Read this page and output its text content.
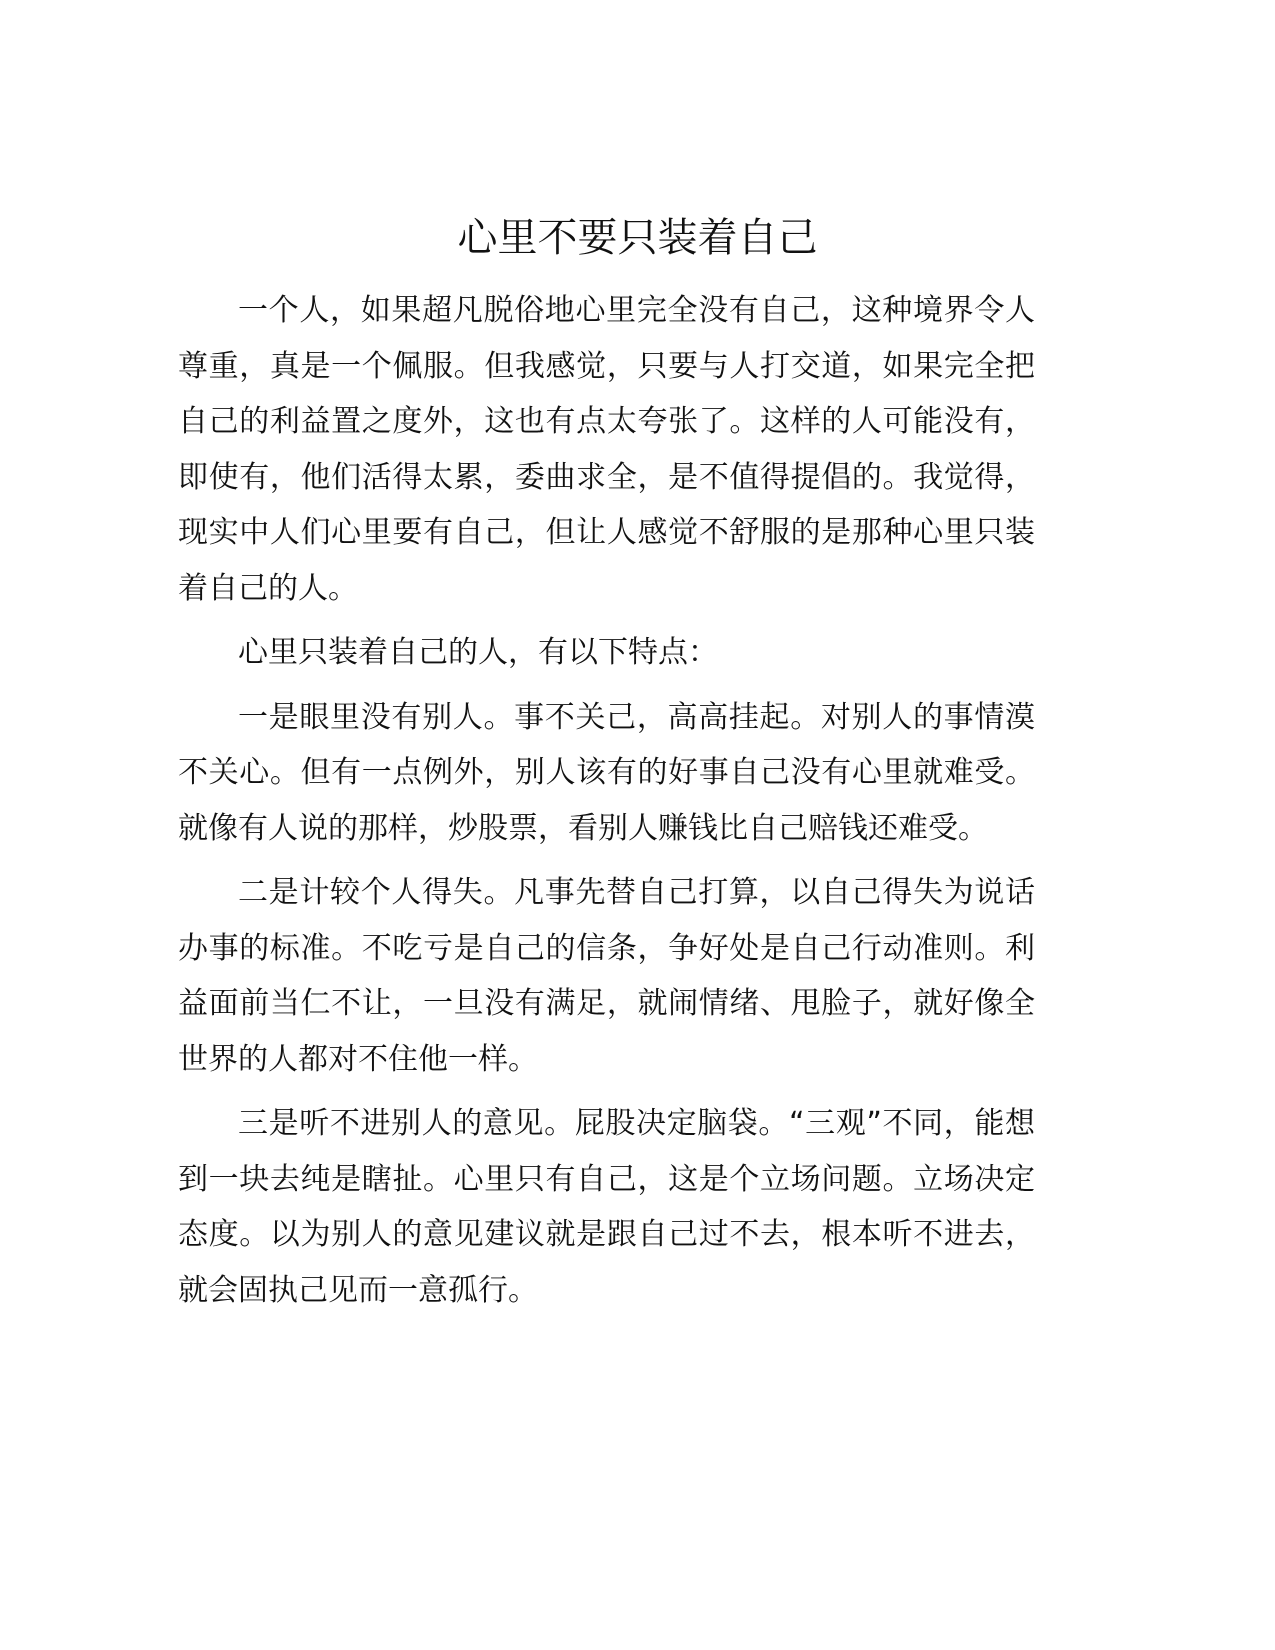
心里不要只装着自己

一个人，如果超凡脱俗地心里完全没有自己，这种境界令人尊重，真是一个佩服。但我感觉，只要与人打交道，如果完全把自己的利益置之度外，这也有点太夸张了。这样的人可能没有，即使有，他们活得太累，委曲求全，是不值得提倡的。我觉得，现实中人们心里要有自己，但让人感觉不舒服的是那种心里只装着自己的人。

心里只装着自己的人，有以下特点：

一是眼里没有别人。事不关己，高高挂起。对别人的事情漠不关心。但有一点例外，别人该有的好事自己没有心里就难受。就像有人说的那样，炒股票，看别人赚钱比自己赔钱还难受。

二是计较个人得失。凡事先替自己打算，以自己得失为说话办事的标准。不吃亏是自己的信条，争好处是自己行动准则。利益面前当仁不让，一旦没有满足，就闹情绪、甩脸子，就好像全世界的人都对不住他一样。

三是听不进别人的意见。屁股决定脑袋。“三观”不同，能想到一块去纯是瞎扯。心里只有自己，这是个立场问题。立场决定态度。以为别人的意见建议就是跟自己过不去，根本听不进去，就会固执己见而一意孤行。
